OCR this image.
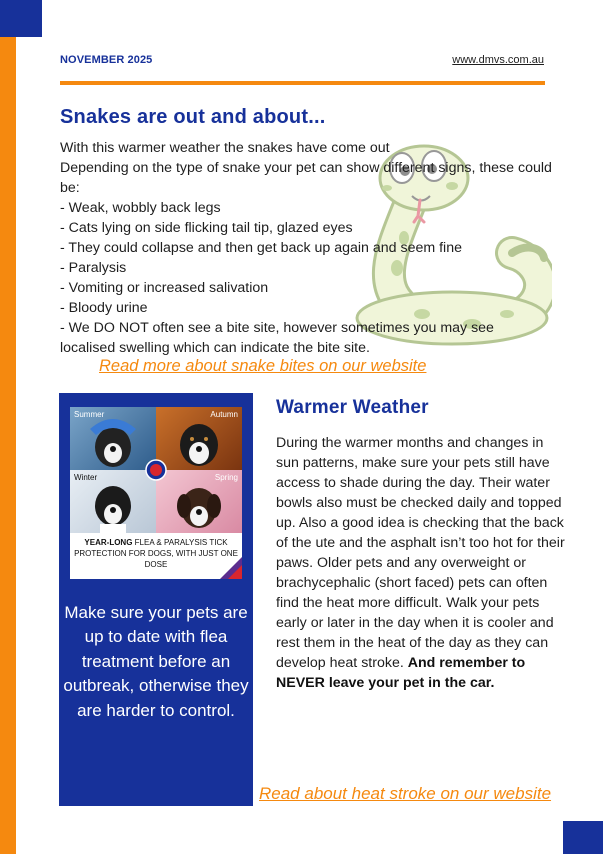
NOVEMBER 2025	www.dmvs.com.au
Snakes are out and about...
With this warmer weather the snakes have come out
Depending on the type of snake your pet can show different signs, these could be:
- Weak, wobbly back legs
- Cats lying on side flicking tail tip, glazed eyes
- They could collapse and then get back up again and seem fine
- Paralysis
- Vomiting or increased salivation
- Bloody urine
- We DO NOT often see a bite site, however sometimes you may see localised swelling which can indicate the bite site.
Read more about snake bites on our website
Summer	Autumn
Winter	Spring
YEAR-LONG FLEA & PARALYSIS TICK PROTECTION FOR DOGS, WITH JUST ONE DOSE
Make sure your pets are up to date with flea treatment before an outbreak, otherwise they are harder to control.
Warmer Weather
During the warmer months and changes in sun patterns, make sure your pets still have access to shade during the day. Their water bowls also must be checked daily and topped up. Also a good idea is checking that the back of the ute and the asphalt isn’t too hot for their paws. Older pets and any overweight or brachycephalic (short faced) pets can often find the heat more difficult. Walk your pets early or later in the day when it is cooler and rest them in the heat of the day as they can develop heat stroke. And remember to NEVER leave your pet in the car.
Read about heat stroke on our website
